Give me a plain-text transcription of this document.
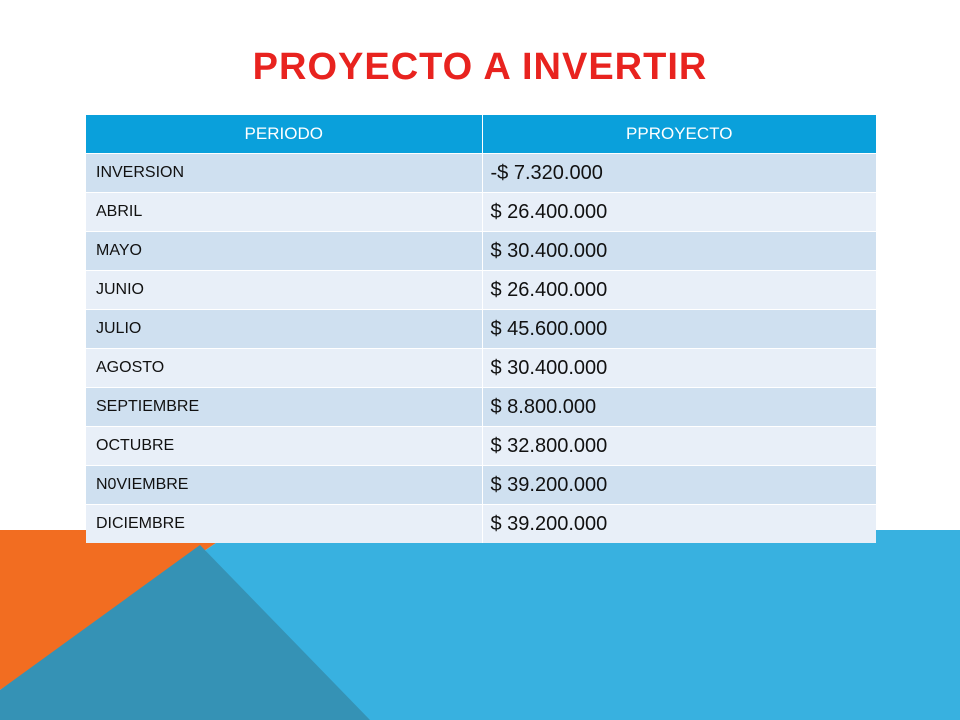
PROYECTO A INVERTIR
PERIODO	PPROYECTO
INVERSION	-$ 7.320.000
ABRIL	$ 26.400.000
MAYO	$ 30.400.000
JUNIO	$ 26.400.000
JULIO	$ 45.600.000
AGOSTO	$ 30.400.000
SEPTIEMBRE	$ 8.800.000
OCTUBRE	$ 32.800.000
N0VIEMBRE	$ 39.200.000
DICIEMBRE	$ 39.200.000
